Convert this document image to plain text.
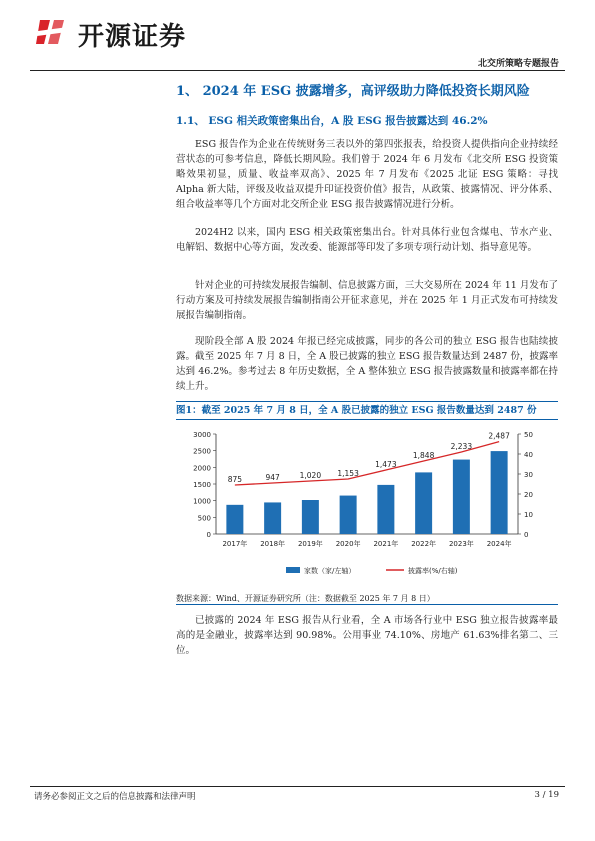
开源证券
北交所策略专题报告
1、 2024 年 ESG 披露增多，高评级助力降低投资长期风险
1.1、 ESG 相关政策密集出台，A 股 ESG 报告披露达到 46.2%
ESG 报告作为企业在传统财务三表以外的第四张报表，给投资人提供指向企业持续经营状态的可参考信息，降低长期风险。我们曾于 2024 年 6 月发布《北交所 ESG 投资策略效果初显，质量、收益率双高》、2025 年 7 月发布《2025 北证 ESG 策略：寻找 Alpha 新大陆，评级及收益双提升印证投资价值》报告，从政策、披露情况、评分体系、组合收益率等几个方面对北交所企业 ESG 报告披露情况进行分析。
2024H2 以来，国内 ESG 相关政策密集出台。针对具体行业包含煤电、节水产业、电解铝、数据中心等方面，发改委、能源部等印发了多项专项行动计划、指导意见等。
针对企业的可持续发展报告编制、信息披露方面，三大交易所在 2024 年 11 月发布了行动方案及可持续发展报告编制指南公开征求意见，并在 2025 年 1 月正式发布可持续发展报告编制指南。
现阶段全部 A 股 2024 年报已经完成披露，同步的各公司的独立 ESG 报告也陆续披露。截至 2025 年 7 月 8 日，全 A 股已披露的独立 ESG 报告数量达到 2487 份，披露率达到 46.2%。参考过去 8 年历史数据，全 A 整体独立 ESG 报告披露数量和披露率都在持续上升。
图1：截至 2025 年 7 月 8 日，全 A 股已披露的独立 ESG 报告数量达到 2487 份
0
500
1000
1500
2000
2500
3000
0
10
20
30
40
50
2017年 2018年 2019年 2020年 2021年 2022年 2023年 2024年
875	947	1,020 1,153
1,473
1,848
2,233
2,487
家数（家/左轴）	披露率(%/右轴)
数据来源：Wind、开源证券研究所（注：数据截至 2025 年 7 月 8 日）
已披露的 2024 年 ESG 报告从行业看，全 A 市场各行业中 ESG 独立报告披露率最高的是金融业，披露率达到 90.98%。公用事业 74.10%、房地产 61.63%排名第二、三位。
请务必参阅正文之后的信息披露和法律声明	3 / 19
